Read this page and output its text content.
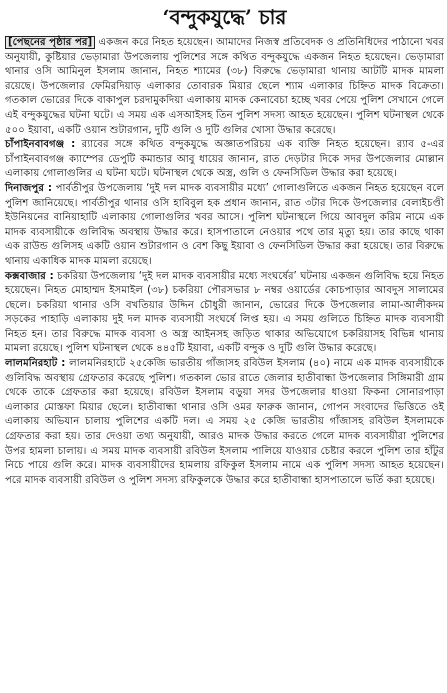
‘বন্দুকযুদ্ধে’ চার

[পেছনের পৃষ্ঠার পর] একজন করে নিহত হয়েছেন। আমাদের নিজস্ব প্রতিবেদক ও প্রতিনিধিদের পাঠানো খবর অনুযায়ী, কুষ্টিয়ার ভেড়ামারা উপজেলায় পুলিশের সঙ্গে কথিত বন্দুকযুদ্ধে একজন নিহত হয়েছেন। ভেড়ামারা থানার ওসি আমিনুল ইসলাম জানান, নিহত শ্যামের (৩৮) বিরুদ্ধে ভেড়ামারা থানায় আটটি মাদক মামলা রয়েছে। উপজেলার ফেমিরদিয়াড় এলাকার তোবারক মিয়ার ছেলে শ্যাম এলাকার চিহ্নিত মাদক বিক্রেতা। গতকাল ভোরের দিকে বাকাপুল চরদামুকদিয়া এলাকায় মাদক কেনাবেচা হচ্ছে খবর পেয়ে পুলিশ সেখানে গেলে এই বন্দুকযুদ্ধের ঘটনা ঘটে। এ সময় এক এসআইসহ তিন পুলিশ সদস্য আহত হয়েছেন। পুলিশ ঘটনাস্থল থেকে ৫০০ ইয়াবা, একটি ওয়ান শুটারগান, দুটি গুলি ও দুটি গুলির খোসা উদ্ধার করেছে।

চাঁপাইনবাবগঞ্জ : র‍্যাবের সঙ্গে কথিত বন্দুকযুদ্ধে অজ্ঞাতপরিচয় এক ব্যক্তি নিহত হয়েছেন। র‍্যাব ৫-এর চাঁপাইনবাবগঞ্জ ক্যাম্পের ডেপুটি কমান্ডার আবু ধায়ের জানান, রাত দেড়টার দিকে সদর উপজেলার মোল্লান এলাকায় গোলাগুলির এ ঘটনা ঘটে। ঘটনাস্থল থেকে অস্ত্র, গুলি ও ফেনসিডিল উদ্ধার করা হয়েছে।

দিনাজপুর : পার্বতীপুর উপজেলায় ‘দুই দল মাদক ব্যবসায়ীর মধ্যে’ গোলাগুলিতে একজন নিহত হয়েছেন বলে পুলিশ জানিয়েছে। পার্বতীপুর থানার ওসি হাবিবুল হক প্রধান জানান, রাত ৩টার দিকে উপজেলার বেলাইচণ্ডী ইউনিয়নের বানিয়াহাটি এলাকায় গোলাগুলির খবর আসে। পুলিশ ঘটনাস্থলে গিয়ে আবদুল করিম নামে এক মাদক ব্যবসায়ীকে গুলিবিদ্ধ অবস্থায় উদ্ধার করে। হাসপাতালে নেওয়ার পথে তার মৃত্যু হয়। তার কাছে থাকা এক রাউন্ড গুলিসহ একটি ওয়ান শুটারগান ও বেশ কিছু ইয়াবা ও ফেনসিডিল উদ্ধার করা হয়েছে। তার বিরুদ্ধে থানায় একাধিক মাদক মামলা রয়েছে।

কক্সবাজার : চকরিয়া উপজেলায় ‘দুই দল মাদক ব্যবসায়ীর মধ্যে সংঘর্ষের’ ঘটনায় একজন গুলিবিদ্ধ হয়ে নিহত হয়েছেন। নিহত মোহাম্মদ ইসমাইল (৩৮) চকরিয়া পৌরসভার ৮ নম্বর ওয়ার্ডের কোচপাড়ার আবদুস সালামের ছেলে। চকরিয়া থানার ওসি বখতিয়ার উদ্দিন চৌধুরী জানান, ভোরের দিকে উপজেলার লামা-আলীকদম সড়কের পাহাড়ি এলাকায় দুই দল মাদক ব্যবসায়ী সংঘর্ষে লিপ্ত হয়। এ সময় গুলিতে চিহ্নিত মাদক ব্যবসায়ী নিহত হন। তার বিরুদ্ধে মাদক ব্যবসা ও অস্ত্র আইনসহ জড়িত থাকার অভিযোগে চকরিয়াসহ বিভিন্ন থানায় মামলা রয়েছে। পুলিশ ঘটনাস্থল থেকে ৪৪৫টি ইয়াবা, একটি বন্দুক ও দুটি গুলি উদ্ধার করেছে।

লালমনিরহাট : লালমনিরহাটে ২৫কেজি ভারতীয় গাঁজাসহ রবিউল ইসলাম (৪০) নামে এক মাদক ব্যবসায়ীকে গুলিবিদ্ধ অবস্থায় গ্রেফতার করেছে পুলিশ। গতকাল ভোর রাতে জেলার হাতীবান্ধা উপজেলার সিঙ্গিমারী গ্রাম থেকে তাকে গ্রেফতার করা হয়েছে। রবিউল ইসলাম বড়ুয়া সদর উপজেলার ধাওয়া ফিকনা সোনারপাড়া এলাকার মোস্তফা মিয়ার ছেলে। হাতীবান্ধা থানার ওসি ওমর ফারুক জানান, গোপন সংবাদের ভিত্তিতে ওই এলাকায় অভিযান চালায় পুলিশের একটি দল। এ সময় ২৫ কেজি ভারতীয় গাঁজাসহ রবিউল ইসলামকে গ্রেফতার করা হয়। তার দেওয়া তথ্য অনুযায়ী, আরও মাদক উদ্ধার করতে গেলে মাদক ব্যবসায়ীরা পুলিশের উপর হামলা চালায়। এ সময় মাদক ব্যবসায়ী রবিউল ইসলাম পালিয়ে যাওয়ার চেষ্টার করলে পুলিশ তার হাঁটুর নিচে পায়ে গুলি করে। মাদক ব্যবসায়ীদের হামলায় রফিকুল ইসলাম নামে এক পুলিশ সদস্য আহত হয়েছেন। পরে মাদক ব্যবসায়ী রবিউল ও পুলিশ সদস্য রফিকুলকে উদ্ধার করে হাতীবান্ধা হাসপাতালে ভর্তি করা হয়েছে।
